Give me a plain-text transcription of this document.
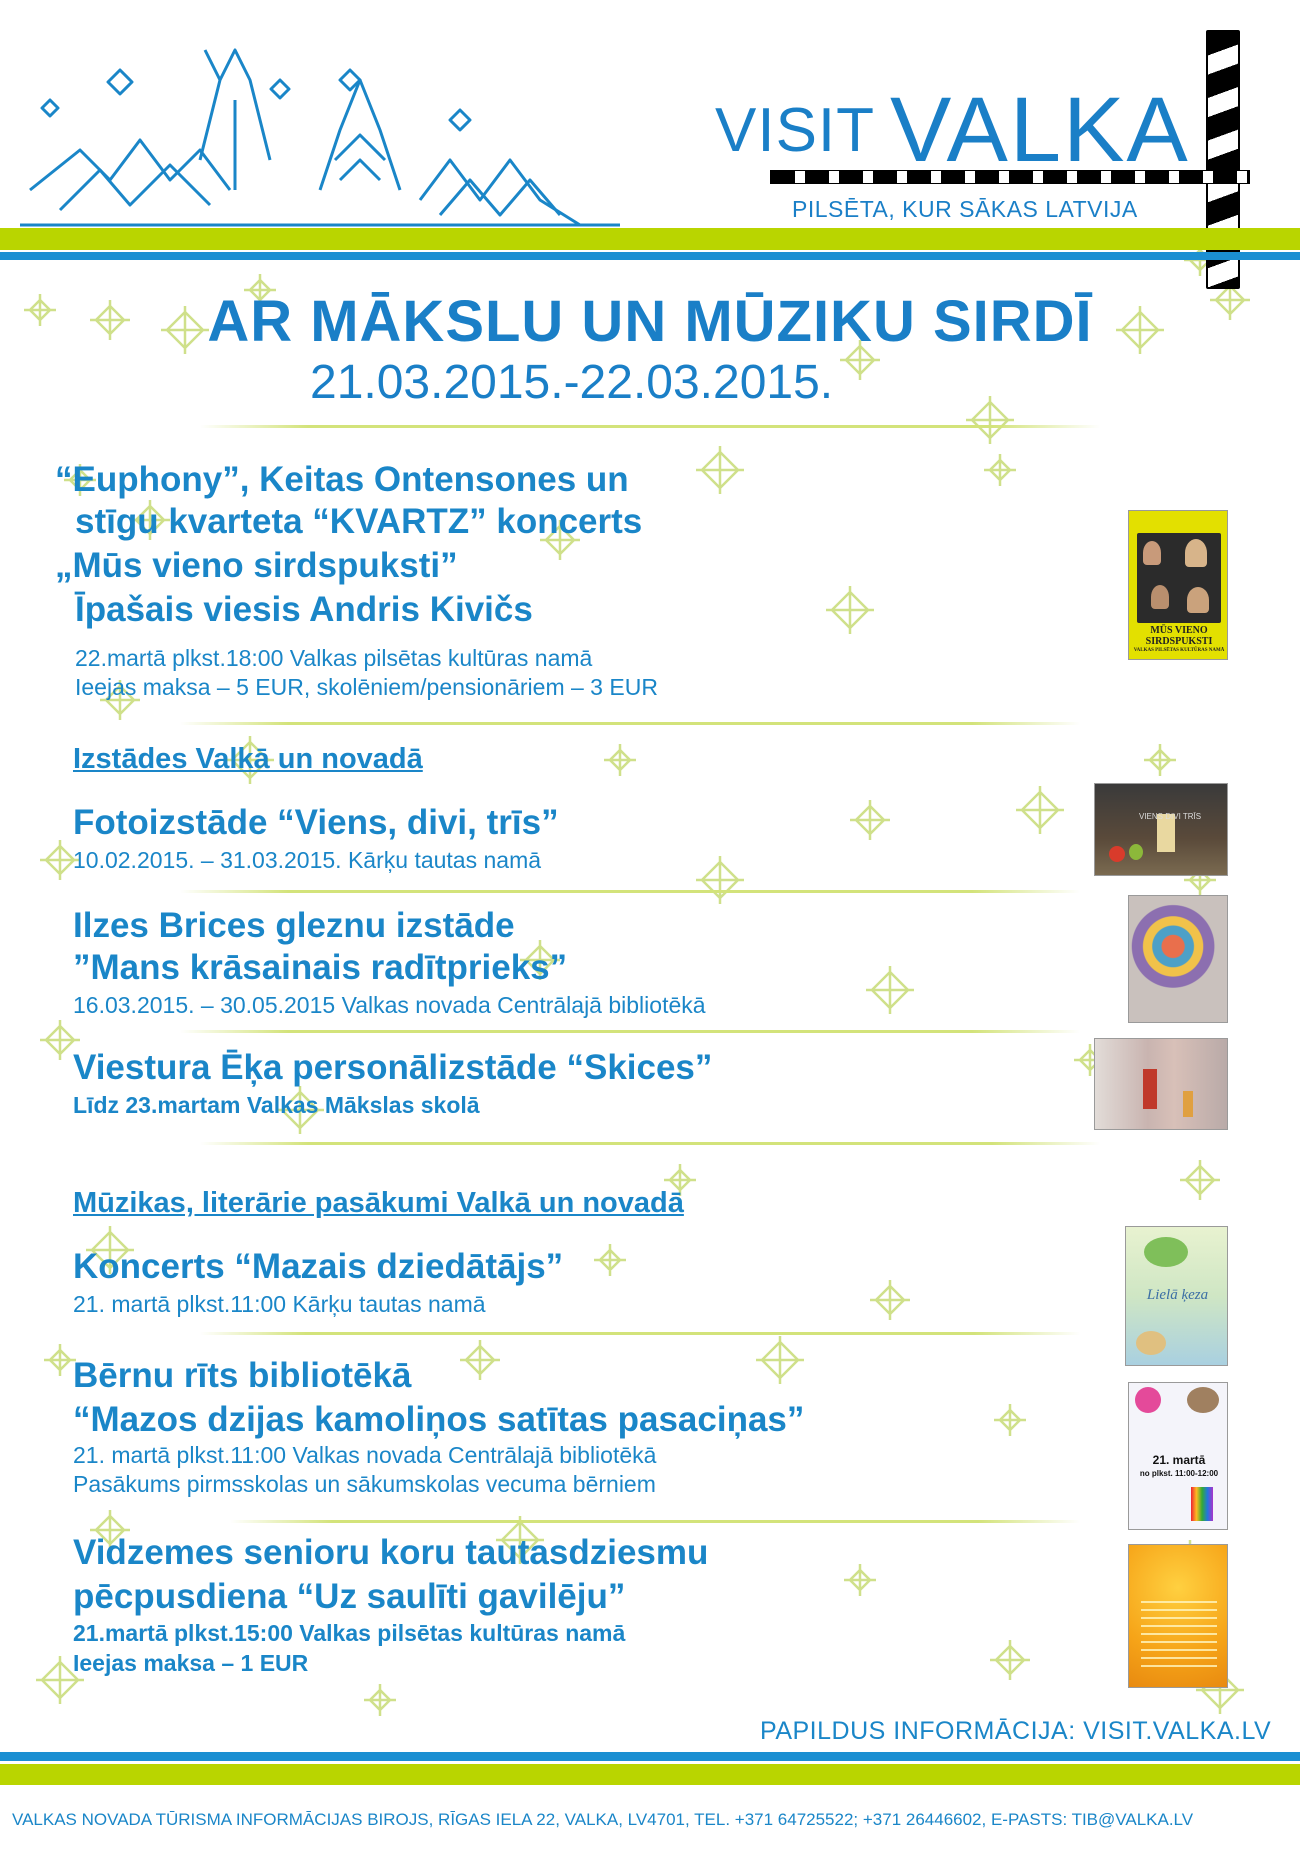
VISIT VALKA
PILSĒTA, KUR SĀKAS LATVIJA
AR MĀKSLU UN MŪZIKU SIRDĪ
21.03.2015.-22.03.2015.
“Euphony”, Keitas Ontensones un
stīgu kvarteta “KVARTZ” koncerts
„Mūs vieno sirdspuksti”
Īpašais viesis Andris Kivičs
22.martā plkst.18:00 Valkas pilsētas kultūras namā
Ieejas maksa – 5 EUR, skolēniem/pensionāriem – 3 EUR
MŪS VIENO
SIRDSPUKSTI
VALKAS PILSĒTAS KULTŪRAS NAMĀ
Izstādes Valkā un novadā
Fotoizstāde “Viens, divi, trīs”
10.02.2015. – 31.03.2015. Kārķu tautas namā
VIENS DIVI TRĪS
Ilzes Brices gleznu izstāde
”Mans krāsainais radītprieks”
16.03.2015. – 30.05.2015 Valkas novada Centrālajā bibliotēkā
Viestura Ēķa personālizstāde “Skices”
Līdz 23.martam Valkas Mākslas skolā
Mūzikas, literārie pasākumi Valkā un novadā
Koncerts “Mazais dziedātājs”
21. martā plkst.11:00 Kārķu tautas namā	Lielā ķeza
Bērnu rīts bibliotēkā
“Mazos dzijas kamoliņos satītas pasaciņas”
21. martā plkst.11:00 Valkas novada Centrālajā bibliotēkā
Pasākums pirmsskolas un sākumskolas vecuma bērniem
21. martā
no plkst. 11:00-12:00
Vidzemes senioru koru tautasdziesmu
pēcpusdiena “Uz saulīti gavilēju”
21.martā plkst.15:00 Valkas pilsētas kultūras namā
Ieejas maksa – 1 EUR
PAPILDUS INFORMĀCIJA: VISIT.VALKA.LV
VALKAS NOVADA TŪRISMA INFORMĀCIJAS BIROJS, RĪGAS IELA 22, VALKA, LV4701, TEL. +371 64725522; +371 26446602, E-PASTS: TIB@VALKA.LV
